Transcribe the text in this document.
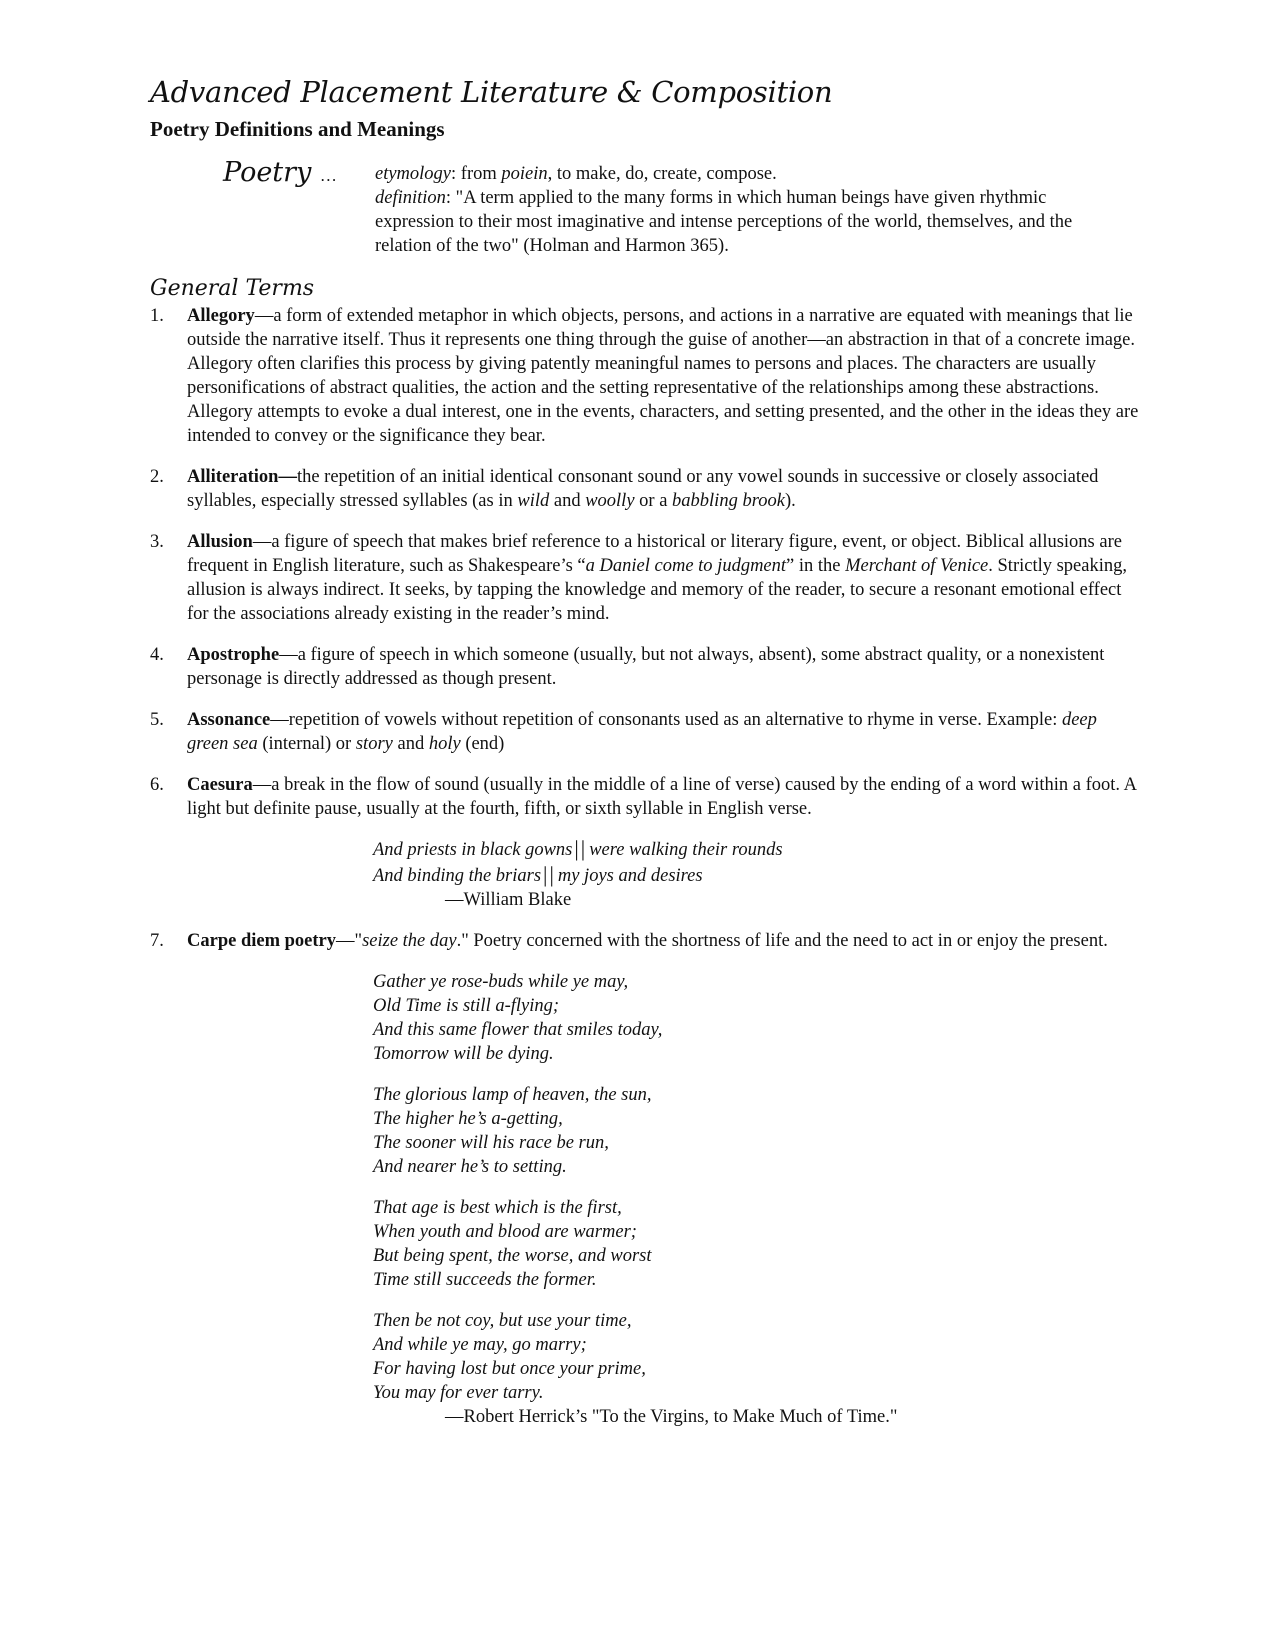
Advanced Placement Literature & Composition
Poetry Definitions and Meanings
Poetry … etymology: from poiein, to make, do, create, compose.
definition: "A term applied to the many forms in which human beings have given rhythmic expression to their most imaginative and intense perceptions of the world, themselves, and the relation of the two" (Holman and Harmon 365).
General Terms
1. Allegory—a form of extended metaphor in which objects, persons, and actions in a narrative are equated with meanings that lie outside the narrative itself. Thus it represents one thing through the guise of another—an abstraction in that of a concrete image. Allegory often clarifies this process by giving patently meaningful names to persons and places. The characters are usually personifications of abstract qualities, the action and the setting representative of the relationships among these abstractions. Allegory attempts to evoke a dual interest, one in the events, characters, and setting presented, and the other in the ideas they are intended to convey or the significance they bear.
2. Alliteration—the repetition of an initial identical consonant sound or any vowel sounds in successive or closely associated syllables, especially stressed syllables (as in wild and woolly or a babbling brook).
3. Allusion—a figure of speech that makes brief reference to a historical or literary figure, event, or object. Biblical allusions are frequent in English literature, such as Shakespeare’s “a Daniel come to judgment” in the Merchant of Venice. Strictly speaking, allusion is always indirect. It seeks, by tapping the knowledge and memory of the reader, to secure a resonant emotional effect for the associations already existing in the reader’s mind.
4. Apostrophe—a figure of speech in which someone (usually, but not always, absent), some abstract quality, or a nonexistent personage is directly addressed as though present.
5. Assonance—repetition of vowels without repetition of consonants used as an alternative to rhyme in verse. Example: deep green sea (internal) or story and holy (end)
6. Caesura—a break in the flow of sound (usually in the middle of a line of verse) caused by the ending of a word within a foot. A light but definite pause, usually at the fourth, fifth, or sixth syllable in English verse.
And priests in black gowns|| were walking their rounds
And binding the briars|| my joys and desires
—William Blake
7. Carpe diem poetry—"seize the day." Poetry concerned with the shortness of life and the need to act in or enjoy the present.
Gather ye rose-buds while ye may,
Old Time is still a-flying;
And this same flower that smiles today,
Tomorrow will be dying.
The glorious lamp of heaven, the sun,
The higher he’s a-getting,
The sooner will his race be run,
And nearer he’s to setting.
That age is best which is the first,
When youth and blood are warmer;
But being spent, the worse, and worst
Time still succeeds the former.
Then be not coy, but use your time,
And while ye may, go marry;
For having lost but once your prime,
You may for ever tarry.
—Robert Herrick’s "To the Virgins, to Make Much of Time."
